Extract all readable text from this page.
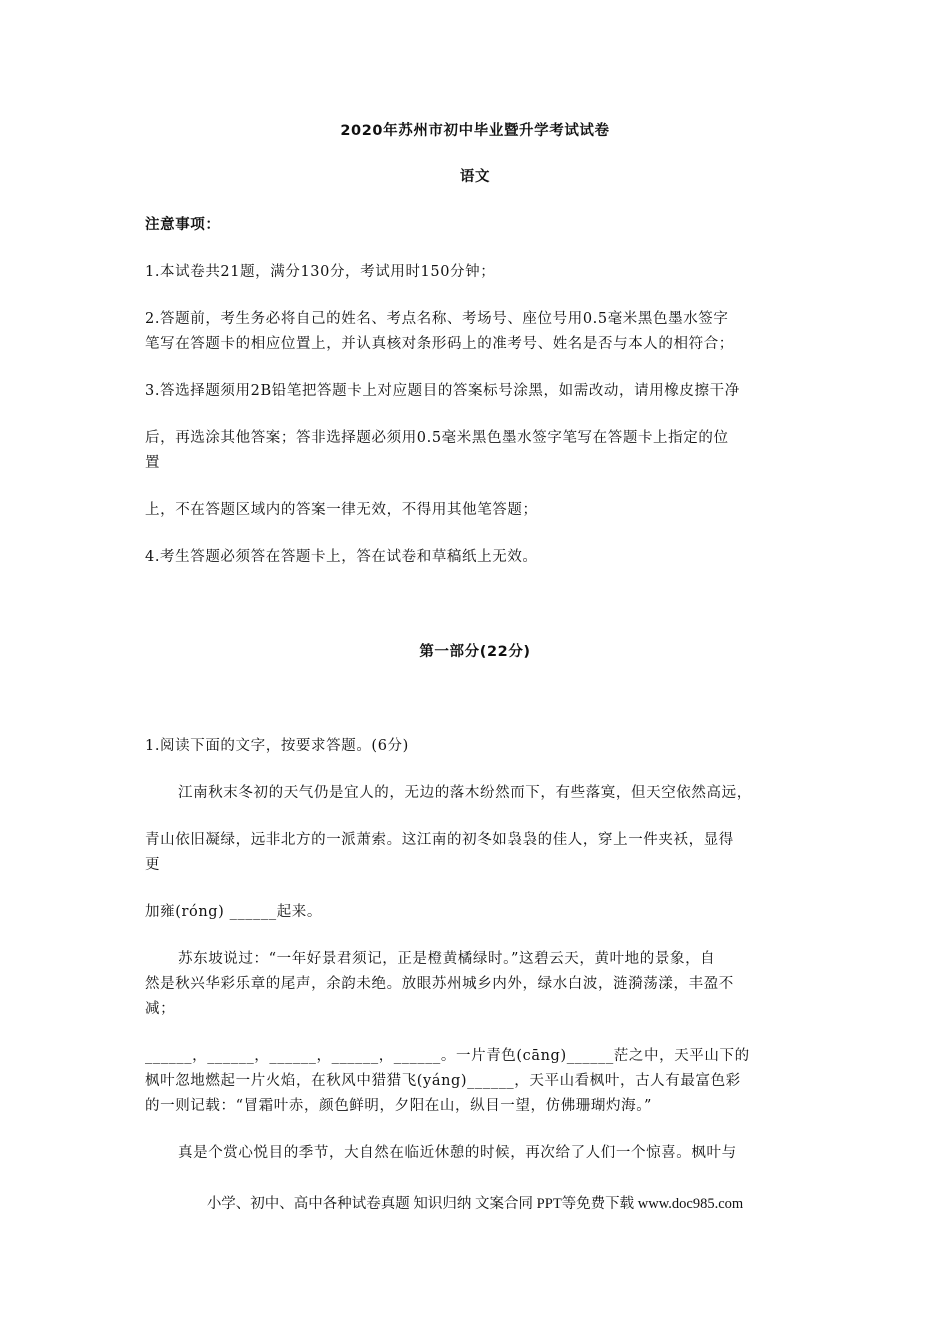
2020年苏州市初中毕业暨升学考试试卷
语文
注意事项：
1.本试卷共21题，满分130分，考试用时150分钟；
2.答题前，考生务必将自己的姓名、考点名称、考场号、座位号用0.5毫米黑色墨水签字
笔写在答题卡的相应位置上，并认真核对条形码上的准考号、姓名是否与本人的相符合；
3.答选择题须用2B铅笔把答题卡上对应题目的答案标号涂黑，如需改动，请用橡皮擦干净
后，再选涂其他答案；答非选择题必须用0.5毫米黑色墨水签字笔写在答题卡上指定的位
置
上，不在答题区域内的答案一律无效，不得用其他笔答题；
4.考生答题必须答在答题卡上，答在试卷和草稿纸上无效。
第一部分(22分)
1.阅读下面的文字，按要求答题。(6分)
江南秋末冬初的天气仍是宜人的，无边的落木纷然而下，有些落寞，但天空依然高远，
青山依旧凝绿，远非北方的一派萧索。这江南的初冬如袅袅的佳人，穿上一件夹袄，显得
更
加雍(róng) ______起来。
苏东坡说过：“一年好景君须记，正是橙黄橘绿时。”这碧云天，黄叶地的景象，自
然是秋兴华彩乐章的尾声，余韵未绝。放眼苏州城乡内外，绿水白波，涟漪荡漾，丰盈不
减；
______，______，______，______，______。一片青色(cāng)______茫之中，天平山下的
枫叶忽地燃起一片火焰，在秋风中猎猎飞(yáng)______，天平山看枫叶，古人有最富色彩
的一则记载：“冒霜叶赤，颜色鲜明，夕阳在山，纵目一望，仿佛珊瑚灼海。”
真是个赏心悦目的季节，大自然在临近休憩的时候，再次给了人们一个惊喜。枫叶与
小学、初中、高中各种试卷真题 知识归纳 文案合同 PPT等免费下载 www.doc985.com
